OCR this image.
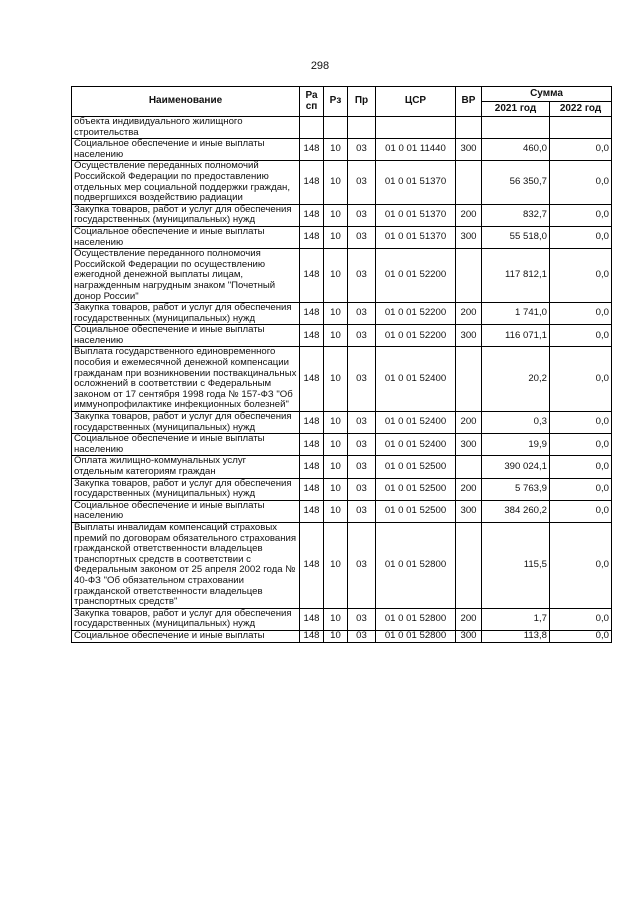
298
Наименование	Ра сп	Рз	Пр	ЦСР	ВР	Сумма	
						2021 год	2022 год
объекта индивидуального жилищного строительства							
Социальное обеспечение и иные выплаты населению	148	10	03	01 0 01 11440	300	460,0	0,0
Осуществление переданных полномочий Российской Федерации по предоставлению отдельных мер социальной поддержки граждан, подвергшихся воздействию радиации	148	10	03	01 0 01 51370		56 350,7	0,0
Закупка товаров, работ и услуг для обеспечения государственных (муниципальных) нужд	148	10	03	01 0 01 51370	200	832,7	0,0
Социальное обеспечение и иные выплаты населению	148	10	03	01 0 01 51370	300	55 518,0	0,0
Осуществление переданного полномочия Российской Федерации по осуществлению ежегодной денежной выплаты лицам, награжденным нагрудным знаком "Почетный донор России"	148	10	03	01 0 01 52200		117 812,1	0,0
Закупка товаров, работ и услуг для обеспечения государственных (муниципальных) нужд	148	10	03	01 0 01 52200	200	1 741,0	0,0
Социальное обеспечение и иные выплаты населению	148	10	03	01 0 01 52200	300	116 071,1	0,0
Выплата государственного единовременного пособия и ежемесячной денежной компенсации гражданам при возникновении поствакцинальных осложнений в соответствии с Федеральным законом от 17 сентября 1998 года № 157-ФЗ "Об иммунопрофилактике инфекционных болезней"	148	10	03	01 0 01 52400		20,2	0,0
Закупка товаров, работ и услуг для обеспечения государственных (муниципальных) нужд	148	10	03	01 0 01 52400	200	0,3	0,0
Социальное обеспечение и иные выплаты населению	148	10	03	01 0 01 52400	300	19,9	0,0
Оплата жилищно-коммунальных услуг отдельным категориям граждан	148	10	03	01 0 01 52500		390 024,1	0,0
Закупка товаров, работ и услуг для обеспечения государственных (муниципальных) нужд	148	10	03	01 0 01 52500	200	5 763,9	0,0
Социальное обеспечение и иные выплаты населению	148	10	03	01 0 01 52500	300	384 260,2	0,0
Выплаты инвалидам компенсаций страховых премий по договорам обязательного страхования гражданской ответственности владельцев транспортных средств в соответствии с Федеральным законом от 25 апреля 2002 года № 40-ФЗ "Об обязательном страховании гражданской ответственности владельцев транспортных средств"	148	10	03	01 0 01 52800		115,5	0,0
Закупка товаров, работ и услуг для обеспечения государственных (муниципальных) нужд	148	10	03	01 0 01 52800	200	1,7	0,0
Социальное обеспечение и иные выплаты	148	10	03	01 0 01 52800	300	113,8	0,0
